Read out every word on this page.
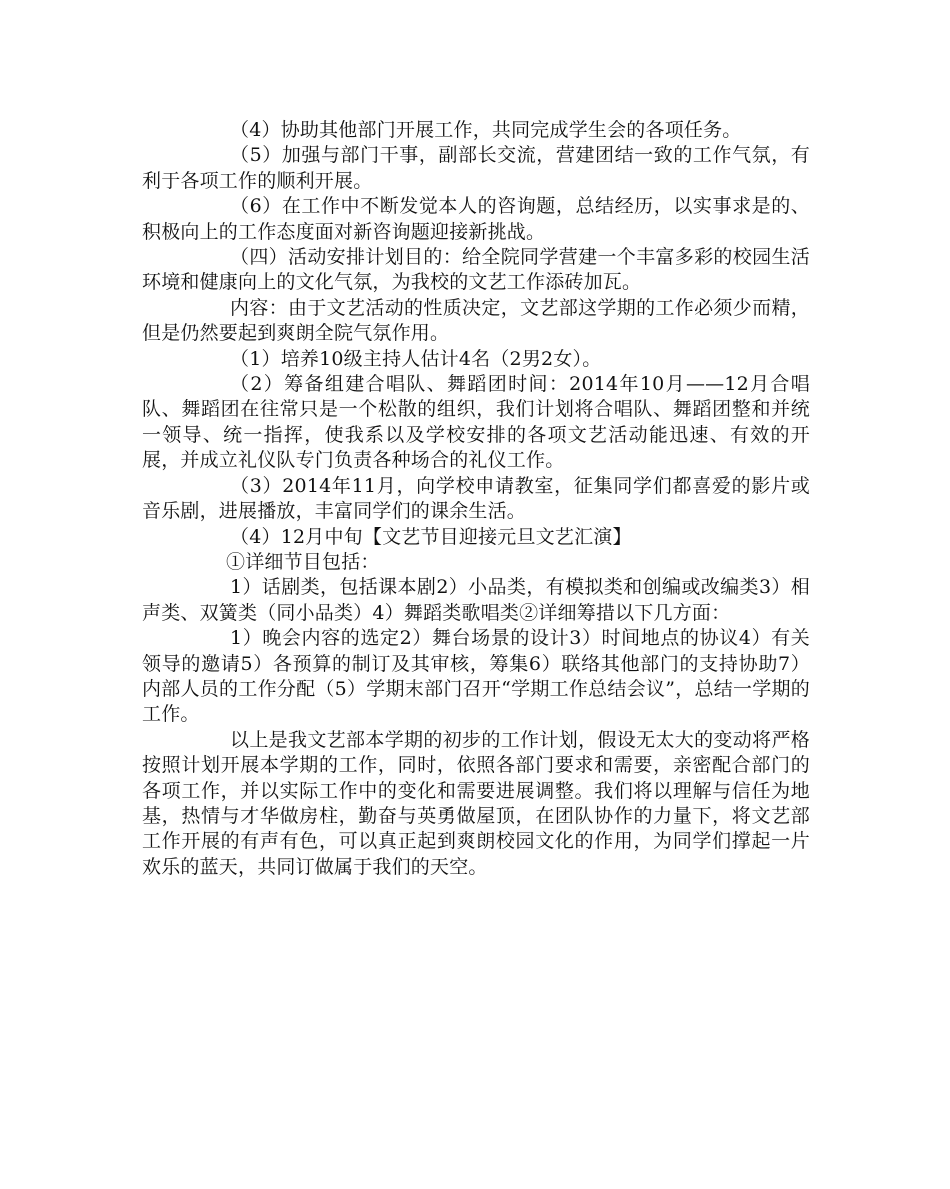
（4）协助其他部门开展工作，共同完成学生会的各项任务。

（5）加强与部门干事，副部长交流，营建团结一致的工作气氛，有利于各项工作的顺利开展。

（6）在工作中不断发觉本人的咨询题，总结经历，以实事求是的、积极向上的工作态度面对新咨询题迎接新挑战。

（四）活动安排计划目的：给全院同学营建一个丰富多彩的校园生活环境和健康向上的文化气氛，为我校的文艺工作添砖加瓦。

内容：由于文艺活动的性质决定，文艺部这学期的工作必须少而精，但是仍然要起到爽朗全院气氛作用。

（1）培养10级主持人估计4名（2男2女）。

（2）筹备组建合唱队、舞蹈团时间：2014年10月——12月合唱队、舞蹈团在往常只是一个松散的组织，我们计划将合唱队、舞蹈团整和并统一领导、统一指挥，使我系以及学校安排的各项文艺活动能迅速、有效的开展，并成立礼仪队专门负责各种场合的礼仪工作。

（3）2014年11月，向学校申请教室，征集同学们都喜爱的影片或音乐剧，进展播放，丰富同学们的课余生活。

（4）12月中旬【文艺节目迎接元旦文艺汇演】

①详细节目包括：

1）话剧类，包括课本剧2）小品类，有模拟类和创编或改编类3）相声类、双簧类（同小品类）4）舞蹈类歌唱类②详细筹措以下几方面：

1）晚会内容的选定2）舞台场景的设计3）时间地点的协议4）有关领导的邀请5）各预算的制订及其审核，筹集6）联络其他部门的支持协助7）内部人员的工作分配（5）学期末部门召开“学期工作总结会议”，总结一学期的工作。

以上是我文艺部本学期的初步的工作计划，假设无太大的变动将严格按照计划开展本学期的工作，同时，依照各部门要求和需要，亲密配合部门的各项工作，并以实际工作中的变化和需要进展调整。我们将以理解与信任为地基，热情与才华做房柱，勤奋与英勇做屋顶，在团队协作的力量下，将文艺部工作开展的有声有色，可以真正起到爽朗校园文化的作用，为同学们撑起一片欢乐的蓝天，共同订做属于我们的天空。
